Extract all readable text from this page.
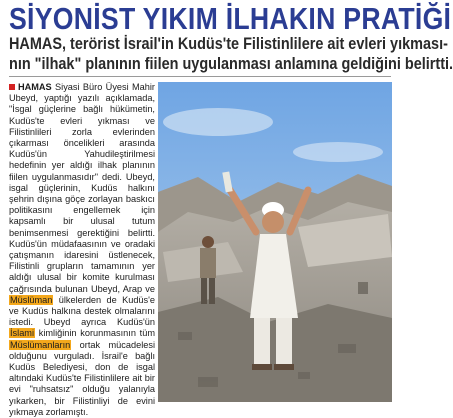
SİYONİST YIKIM İLHAKIN PRATİĞİ
HAMAS, terörist İsrail'in Kudüs'te Filistinlilere ait evleri yıkması-
nın "ilhak" planının fiilen uygulanması anlamına geldiğini belirtti.
HAMAS Siyasi Büro Üyesi Mahir Ubeyd, yaptığı yazılı açıklamada, "İsgal güçlerine bağlı hükümetin, Kudüs'te evleri yıkması ve Filistinlileri zorla evlerinden çıkarması öncelikleri arasında Kudüs'ün Yahudileştirilmesi hedefinin yer aldığı ilhak planının fiilen uygulanmasıdır" dedi. Ubeyd, isgal güçlerinin, Kudüs halkını şehrin dışına göçe zorlayan baskıcı politikasını engellemek için kapsamlı bir ulusal tutum benimsenmesi gerektiğini belirtti. Kudüs'ün müdafaasının ve oradaki çatışmanın idaresini üstlenecek, Filistinli grupların tamamının yer aldığı ulusal bir komite kurulması çağrısında bulunan Ubeyd, Arap ve Müslüman ülkelerden de Kudüs'e ve Kudüs halkına destek olmalarını istedi. Ubeyd ayrıca Kudüs'ün İslami kimliğinin korunmasının tüm Müslümanların ortak mücadelesi olduğunu vurguladı. İsrail'e bağlı Kudüs Belediyesi, don de isgal altındaki Kudüs'te Filistinlilere ait bir evi "ruhsatsız" olduğu yalanıyla yıkarken, bir Filistinliyi de evini yıkmaya zorlamıştı.
